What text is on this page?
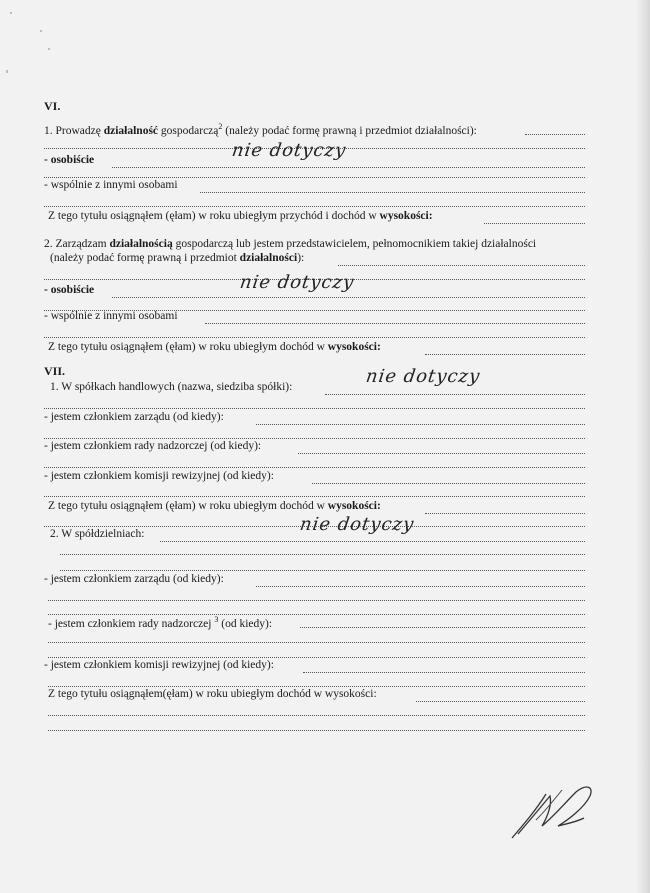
VI.
1. Prowadzę działalność gospodarczą$^2$ (należy podać formę prawną i przedmiot działalności):
- osobiście	nie dotyczy
- wspólnie z innymi osobami
Z tego tytułu osiągnąłem (ęłam) w roku ubiegłym przychód i dochód w wysokości:
2. Zarządzam działalnością gospodarczą lub jestem przedstawicielem, pełnomocnikiem takiej działalności
(należy podać formę prawną i przedmiot działalności):
- osobiście	nie dotyczy
- wspólnie z innymi osobami
Z tego tytułu osiągnąłem (ęłam) w roku ubiegłym dochód w wysokości:
VII.
1. W spółkach handlowych (nazwa, siedziba spółki):	nie dotyczy
- jestem członkiem zarządu (od kiedy):
- jestem członkiem rady nadzorczej (od kiedy):
- jestem członkiem komisji rewizyjnej (od kiedy):
Z tego tytułu osiągnąłem (ęłam) w roku ubiegłym dochód w wysokości:
2. W spółdzielniach:	nie dotyczy
- jestem członkiem zarządu (od kiedy):
- jestem członkiem rady nadzorczej $^3$ (od kiedy):
- jestem członkiem komisji rewizyjnej (od kiedy):
Z tego tytułu osiągnąłem(ęłam) w roku ubiegłym dochód w wysokości:
